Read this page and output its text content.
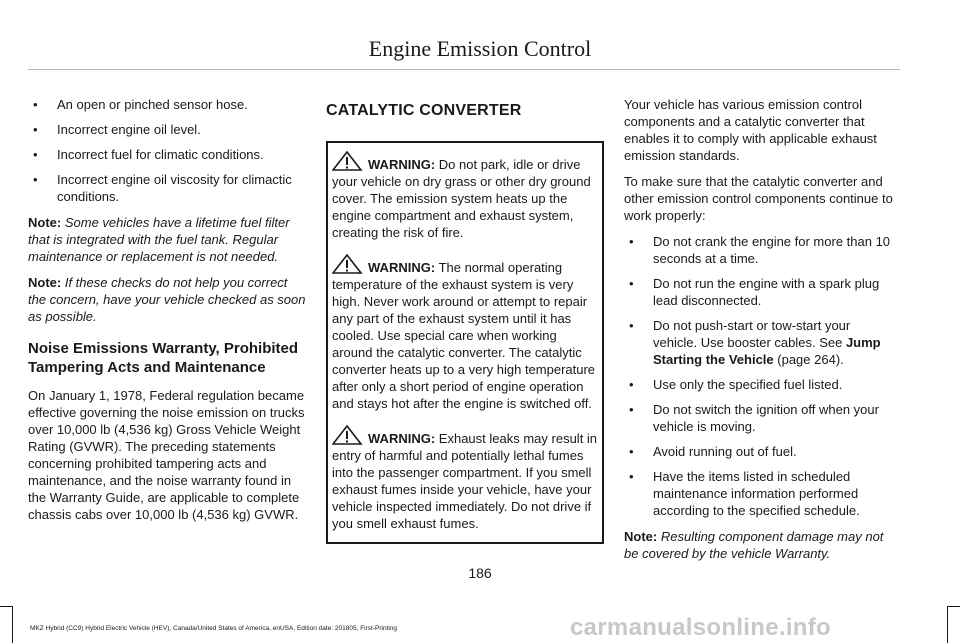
Engine Emission Control
• An open or pinched sensor hose.
• Incorrect engine oil level.
• Incorrect fuel for climatic conditions.
• Incorrect engine oil viscosity for climactic conditions.

Note: Some vehicles have a lifetime fuel filter that is integrated with the fuel tank. Regular maintenance or replacement is not needed.

Note: If these checks do not help you correct the concern, have your vehicle checked as soon as possible.

Noise Emissions Warranty, Prohibited Tampering Acts and Maintenance

On January 1, 1978, Federal regulation became effective governing the noise emission on trucks over 10,000 lb (4,536 kg) Gross Vehicle Weight Rating (GVWR). The preceding statements concerning prohibited tampering acts and maintenance, and the noise warranty found in the Warranty Guide, are applicable to complete chassis cabs over 10,000 lb (4,536 kg) GVWR.

CATALYTIC CONVERTER

WARNING: Do not park, idle or drive your vehicle on dry grass or other dry ground cover. The emission system heats up the engine compartment and exhaust system, creating the risk of fire.

WARNING: The normal operating temperature of the exhaust system is very high. Never work around or attempt to repair any part of the exhaust system until it has cooled. Use special care when working around the catalytic converter. The catalytic converter heats up to a very high temperature after only a short period of engine operation and stays hot after the engine is switched off.

WARNING: Exhaust leaks may result in entry of harmful and potentially lethal fumes into the passenger compartment. If you smell exhaust fumes inside your vehicle, have your vehicle inspected immediately. Do not drive if you smell exhaust fumes.

Your vehicle has various emission control components and a catalytic converter that enables it to comply with applicable exhaust emission standards.

To make sure that the catalytic converter and other emission control components continue to work properly:

• Do not crank the engine for more than 10 seconds at a time.
• Do not run the engine with a spark plug lead disconnected.
• Do not push-start or tow-start your vehicle. Use booster cables. See Jump Starting the Vehicle (page 264).
• Use only the specified fuel listed.
• Do not switch the ignition off when your vehicle is moving.
• Avoid running out of fuel.
• Have the items listed in scheduled maintenance information performed according to the specified schedule.

Note: Resulting component damage may not be covered by the vehicle Warranty.

186
MKZ Hybrid (CC9) Hybrid Electric Vehicle (HEV), Canada/United States of America, enUSA, Edition date: 201805, First-Printing	carmanualsonline.info
